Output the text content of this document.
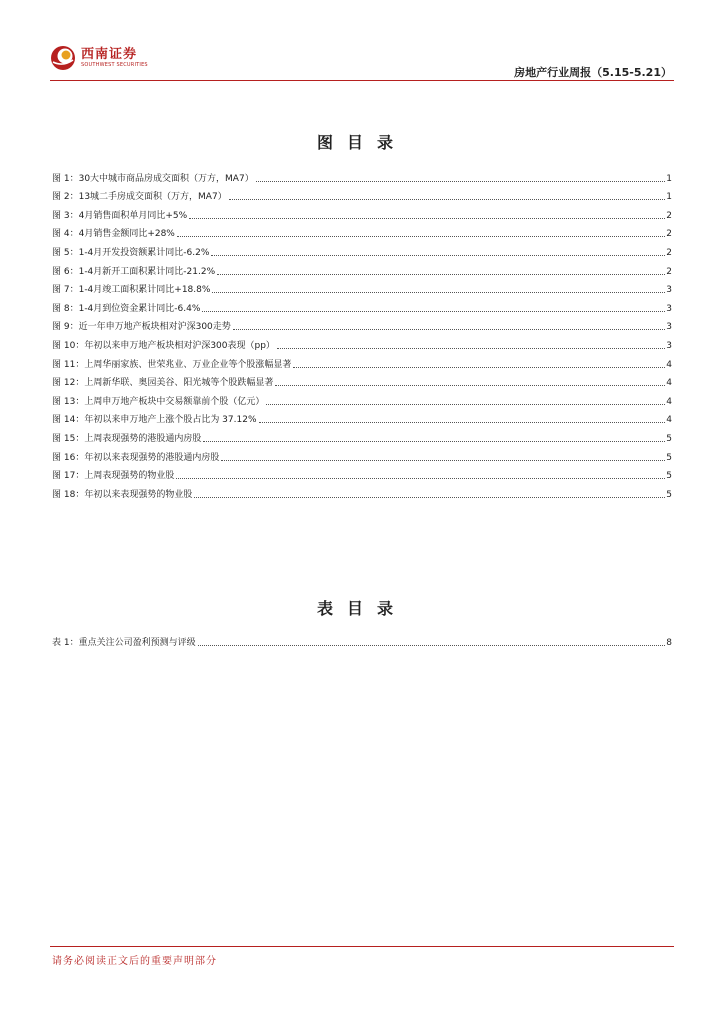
西南证券
SOUTHWEST SECURITIES
房地产行业周报（5.15-5.21）
图目录
图 1：30大中城市商品房成交面积（万方，MA7）	1
图 2：13城二手房成交面积（万方，MA7）	1
图 3：4月销售面积单月同比+5%	2
图 4：4月销售金额同比+28%	2
图 5：1-4月开发投资额累计同比-6.2%	2
图 6：1-4月新开工面积累计同比-21.2%	2
图 7：1-4月竣工面积累计同比+18.8%	3
图 8：1-4月到位资金累计同比-6.4%	3
图 9：近一年申万地产板块相对沪深300走势	3
图 10：年初以来申万地产板块相对沪深300表现（pp）	3
图 11：上周华丽家族、世荣兆业、万业企业等个股涨幅显著	4
图 12：上周新华联、奥园美谷、阳光城等个股跌幅显著	4
图 13：上周申万地产板块中交易额靠前个股（亿元）	4
图 14：年初以来申万地产上涨个股占比为 37.12%	4
图 15：上周表现强势的港股通内房股	5
图 16：年初以来表现强势的港股通内房股	5
图 17：上周表现强势的物业股	5
图 18：年初以来表现强势的物业股	5
表目录
表 1：重点关注公司盈利预测与评级	8
请务必阅读正文后的重要声明部分
